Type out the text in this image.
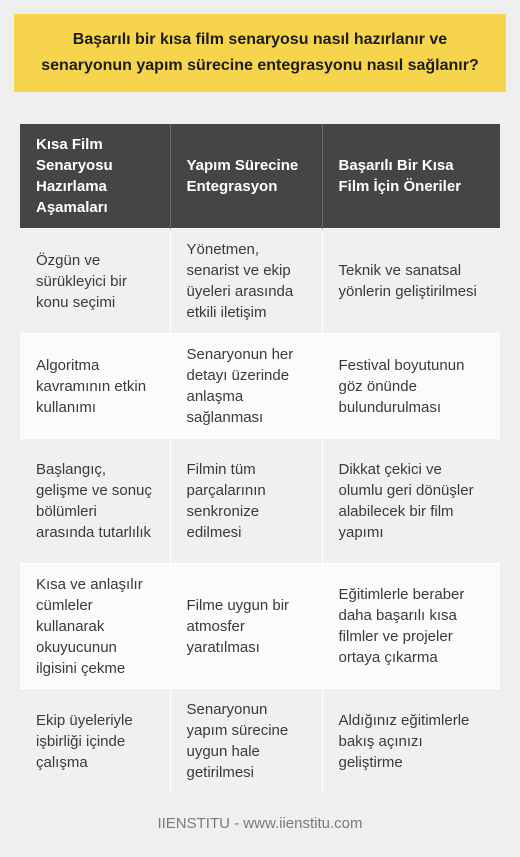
Başarılı bir kısa film senaryosu nasıl hazırlanır ve senaryonun yapım sürecine entegrasyonu nasıl sağlanır?
Kısa Film Senaryosu Hazırlama Aşamaları	Yapım Sürecine Entegrasyon	Başarılı Bir Kısa Film İçin Öneriler
Özgün ve sürükleyici bir konu seçimi	Yönetmen, senarist ve ekip üyeleri arasında etkili iletişim	Teknik ve sanatsal yönlerin geliştirilmesi
Algoritma kavramının etkin kullanımı	Senaryonun her detayı üzerinde anlaşma sağlanması	Festival boyutunun göz önünde bulundurulması
Başlangıç, gelişme ve sonuç bölümleri arasında tutarlılık	Filmin tüm parçalarının senkronize edilmesi	Dikkat çekici ve olumlu geri dönüşler alabilecek bir film yapımı
Kısa ve anlaşılır cümleler kullanarak okuyucunun ilgisini çekme	Filme uygun bir atmosfer yaratılması	Eğitimlerle beraber daha başarılı kısa filmler ve projeler ortaya çıkarma
Ekip üyeleriyle işbirliği içinde çalışma	Senaryonun yapım sürecine uygun hale getirilmesi	Aldığınız eğitimlerle bakış açınızı geliştirme
IIENSTITU - www.iienstitu.com
